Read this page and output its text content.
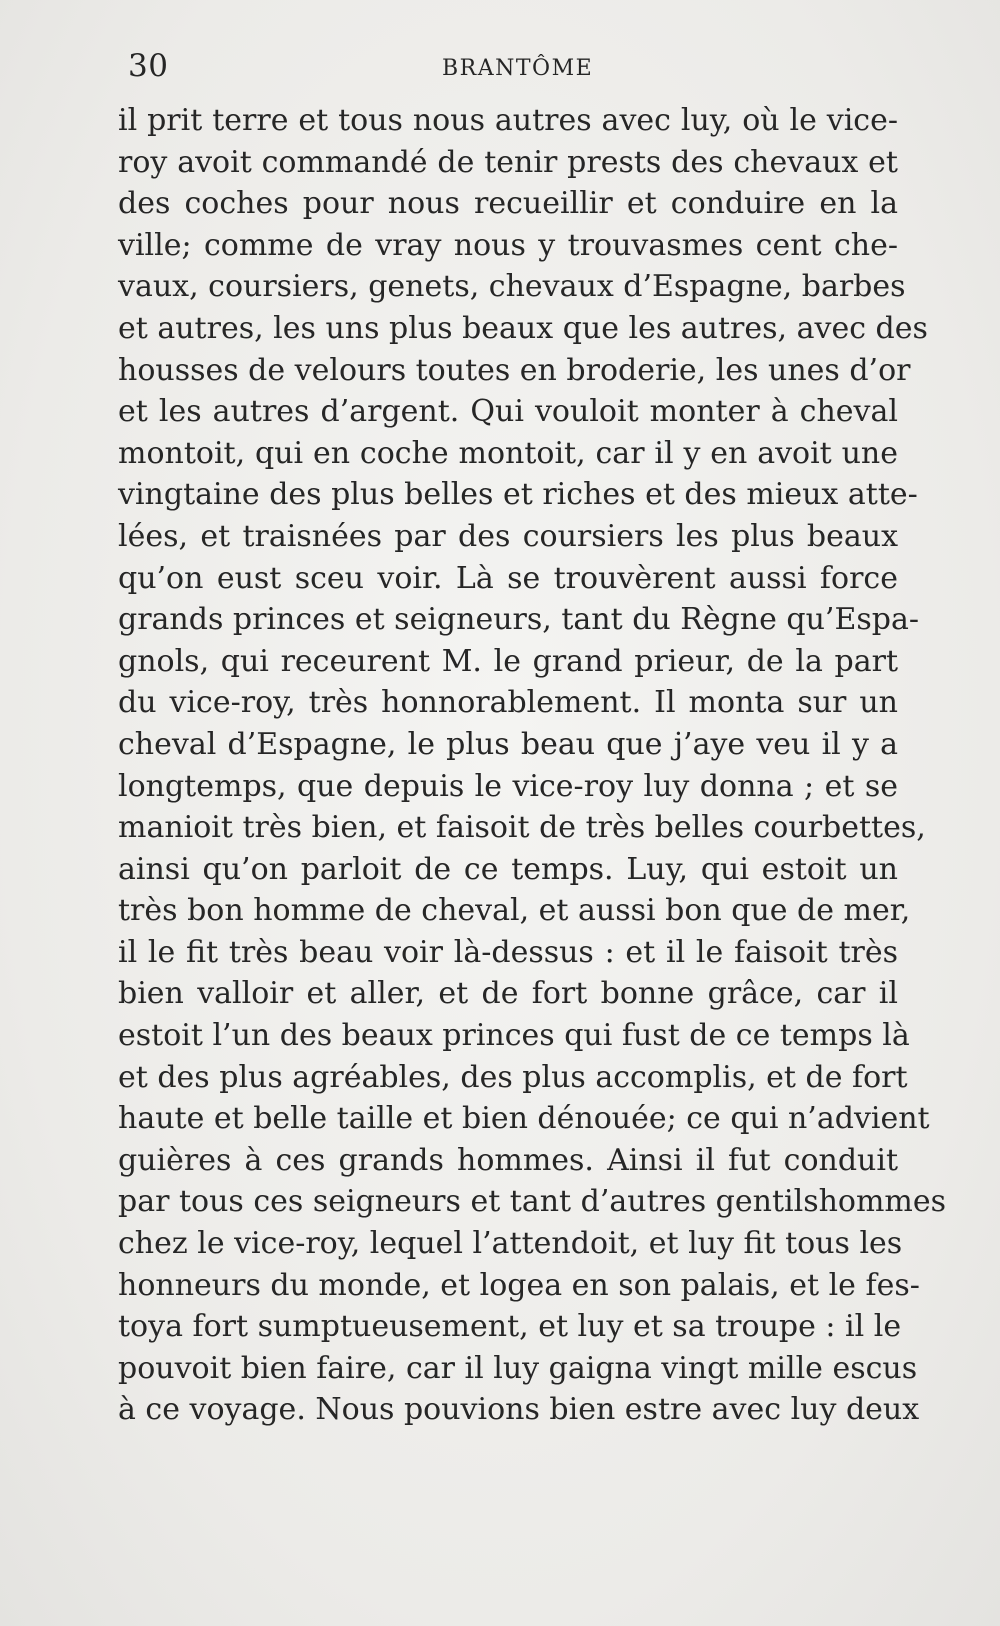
30	BRANTÔME
il prit terre et tous nous autres avec luy, où le vice-
roy avoit commandé de tenir prests des chevaux et
des coches pour nous recueillir et conduire en la
ville; comme de vray nous y trouvasmes cent che-
vaux, coursiers, genets, chevaux d’Espagne, barbes
et autres, les uns plus beaux que les autres, avec des
housses de velours toutes en broderie, les unes d’or
et les autres d’argent. Qui vouloit monter à cheval
montoit, qui en coche montoit, car il y en avoit une
vingtaine des plus belles et riches et des mieux atte-
lées, et traisnées par des coursiers les plus beaux
qu’on eust sceu voir. Là se trouvèrent aussi force
grands princes et seigneurs, tant du Règne qu’Espa-
gnols, qui receurent M. le grand prieur, de la part
du vice-roy, très honnorablement. Il monta sur un
cheval d’Espagne, le plus beau que j’aye veu il y a
longtemps, que depuis le vice-roy luy donna ; et se
manioit très bien, et faisoit de très belles courbettes,
ainsi qu’on parloit de ce temps. Luy, qui estoit un
très bon homme de cheval, et aussi bon que de mer,
il le fit très beau voir là-dessus : et il le faisoit très
bien valloir et aller, et de fort bonne grâce, car il
estoit l’un des beaux princes qui fust de ce temps là
et des plus agréables, des plus accomplis, et de fort
haute et belle taille et bien dénouée; ce qui n’advient
guières à ces grands hommes. Ainsi il fut conduit
par tous ces seigneurs et tant d’autres gentilshommes
chez le vice-roy, lequel l’attendoit, et luy fit tous les
honneurs du monde, et logea en son palais, et le fes-
toya fort sumptueusement, et luy et sa troupe : il le
pouvoit bien faire, car il luy gaigna vingt mille escus
à ce voyage. Nous pouvions bien estre avec luy deux
